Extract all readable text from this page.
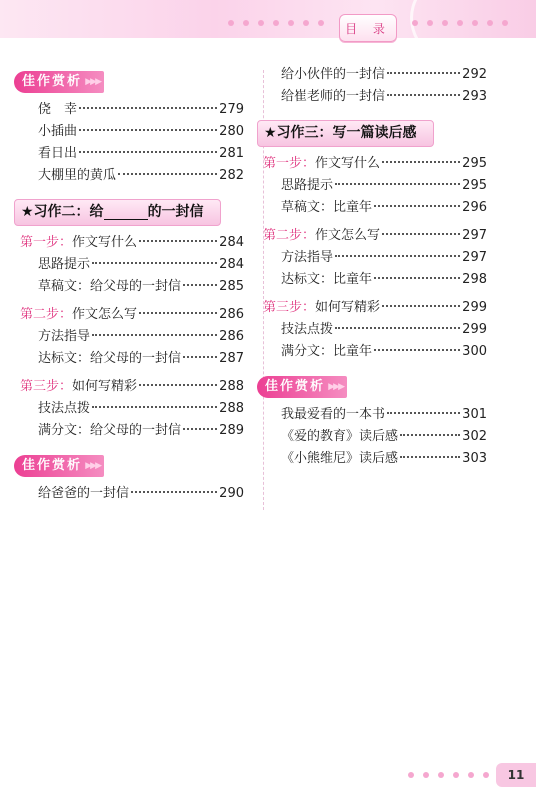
目 录
佳作赏析 ▶▶▶
侥　幸	279
小插曲	280
看日出	281
大棚里的黄瓜	282
★习作二：给	的一封信
第一步：作文写什么	284
思路提示	284
草稿文：给父母的一封信	285
第二步：作文怎么写	286
方法指导	286
达标文：给父母的一封信	287
第三步：如何写精彩	288
技法点拨	288
满分文：给父母的一封信	289
佳作赏析 ▶▶▶
给爸爸的一封信	290
给小伙伴的一封信	292
给崔老师的一封信	293
★习作三：写一篇读后感
第一步：作文写什么	295
思路提示	295
草稿文：比童年	296
第二步：作文怎么写	297
方法指导	297
达标文：比童年	298
第三步：如何写精彩	299
技法点拨	299
满分文：比童年	300
佳作赏析 ▶▶▶
我最爱看的一本书	301
《爱的教育》读后感	302
《小熊维尼》读后感	303
11
